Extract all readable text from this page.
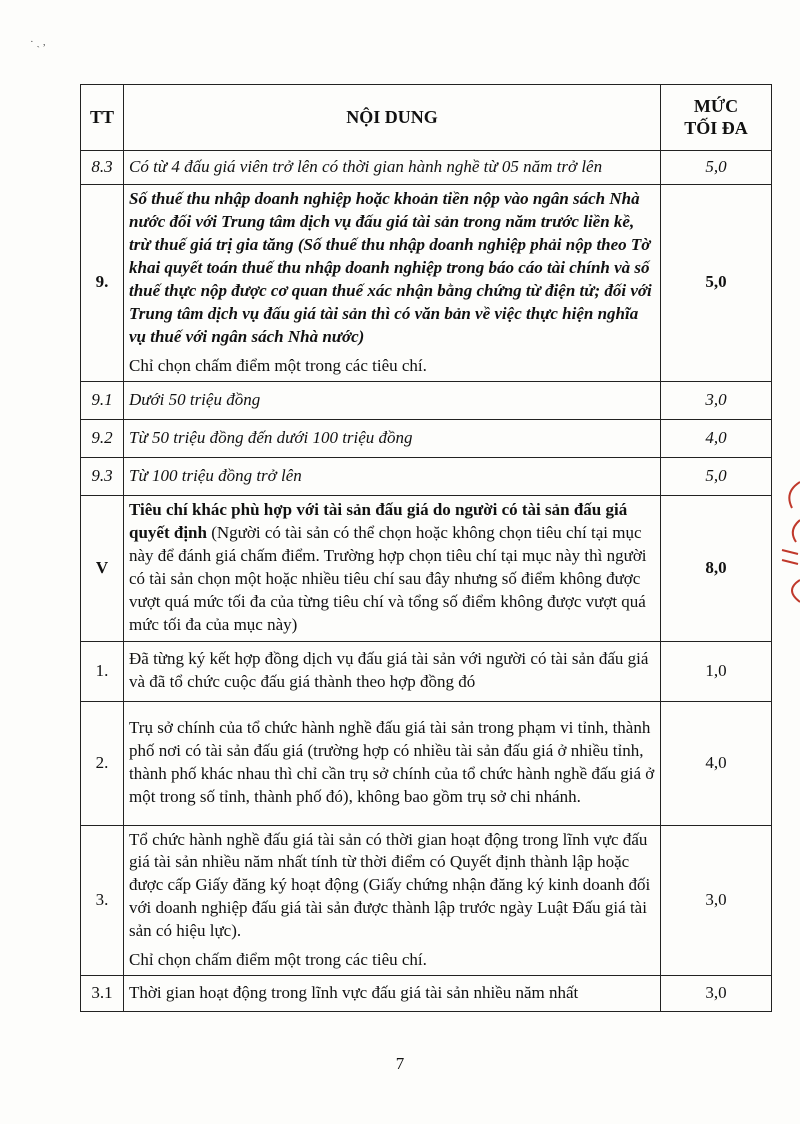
· ˏ ,
TT	NỘI DUNG	MỨC
TỐI ĐA
8.3	Có từ 4 đấu giá viên trở lên có thời gian hành nghề từ 05 năm trở lên	5,0
9.	Số thuế thu nhập doanh nghiệp hoặc khoản tiền nộp vào ngân sách Nhà nước đối với Trung tâm dịch vụ đấu giá tài sản trong năm trước liền kề, trừ thuế giá trị gia tăng (Số thuế thu nhập doanh nghiệp phải nộp theo Tờ khai quyết toán thuế thu nhập doanh nghiệp trong báo cáo tài chính và số thuế thực nộp được cơ quan thuế xác nhận bằng chứng từ điện tử; đối với Trung tâm dịch vụ đấu giá tài sản thì có văn bản về việc thực hiện nghĩa vụ thuế với ngân sách Nhà nước)
Chỉ chọn chấm điểm một trong các tiêu chí.	5,0
9.1	Dưới 50 triệu đồng	3,0
9.2	Từ 50 triệu đồng đến dưới 100 triệu đồng	4,0
9.3	Từ 100 triệu đồng trở lên	5,0
V	Tiêu chí khác phù hợp với tài sản đấu giá do người có tài sản đấu giá quyết định (Người có tài sản có thể chọn hoặc không chọn tiêu chí tại mục này để đánh giá chấm điểm. Trường hợp chọn tiêu chí tại mục này thì người có tài sản chọn một hoặc nhiều tiêu chí sau đây nhưng số điểm không được vượt quá mức tối đa của từng tiêu chí và tổng số điểm không được vượt quá mức tối đa của mục này)	8,0
1.	Đã từng ký kết hợp đồng dịch vụ đấu giá tài sản với người có tài sản đấu giá và đã tổ chức cuộc đấu giá thành theo hợp đồng đó	1,0
2.	Trụ sở chính của tổ chức hành nghề đấu giá tài sản trong phạm vi tỉnh, thành phố nơi có tài sản đấu giá (trường hợp có nhiều tài sản đấu giá ở nhiều tỉnh, thành phố khác nhau thì chỉ cần trụ sở chính của tổ chức hành nghề đấu giá ở một trong số tỉnh, thành phố đó), không bao gồm trụ sở chi nhánh.	4,0
3.	Tổ chức hành nghề đấu giá tài sản có thời gian hoạt động trong lĩnh vực đấu giá tài sản nhiều năm nhất tính từ thời điểm có Quyết định thành lập hoặc được cấp Giấy đăng ký hoạt động (Giấy chứng nhận đăng ký kinh doanh đối với doanh nghiệp đấu giá tài sản được thành lập trước ngày Luật Đấu giá tài sản có hiệu lực).
Chỉ chọn chấm điểm một trong các tiêu chí.	3,0
3.1	Thời gian hoạt động trong lĩnh vực đấu giá tài sản nhiều năm nhất	3,0
7
